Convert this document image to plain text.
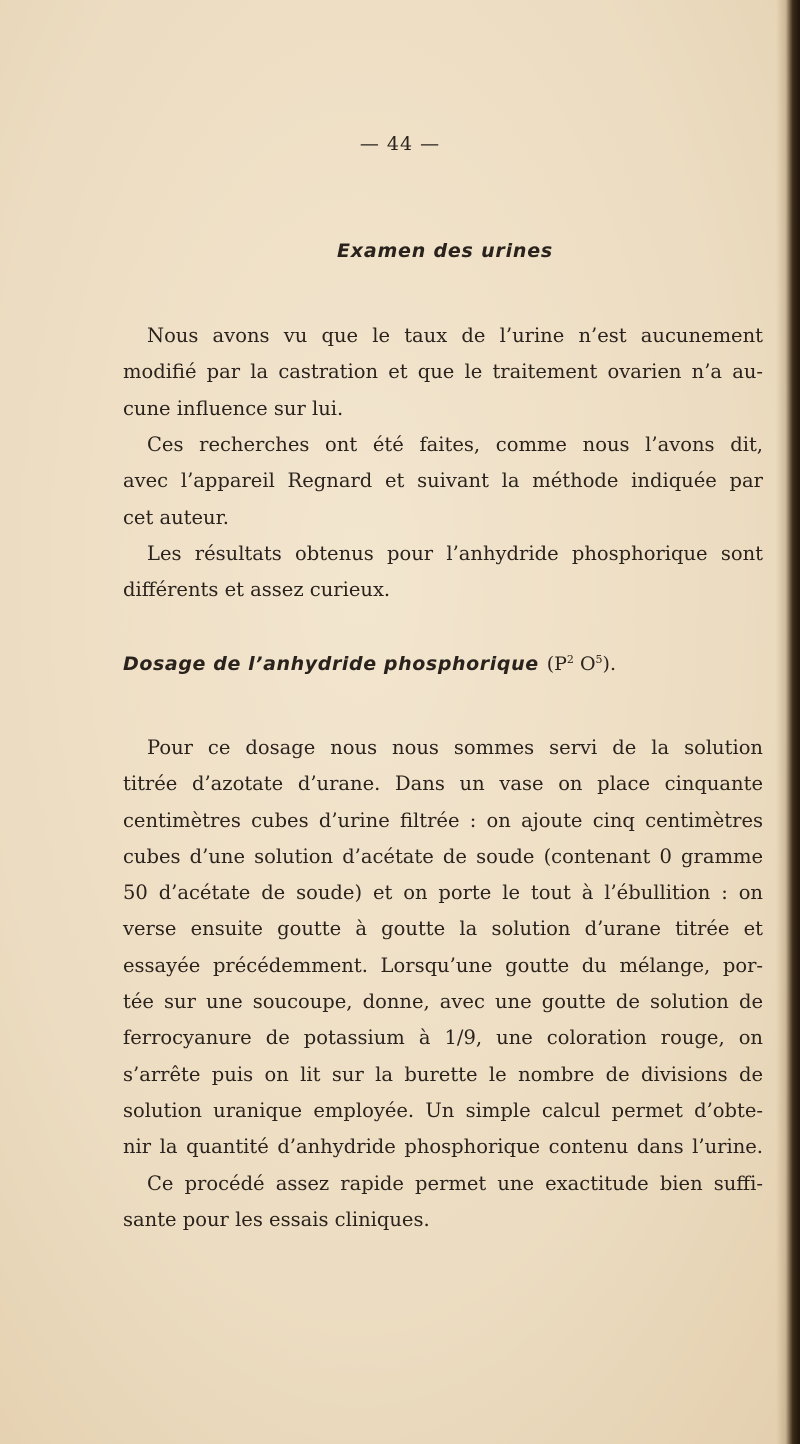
— 44 —
Examen des urines
Nous avons vu que le taux de l’urine n’est aucunement
modifié par la castration et que le traitement ovarien n’a au-
cune influence sur lui.
Ces recherches ont été faites, comme nous l’avons dit,
avec l’appareil Regnard et suivant la méthode indiquée par
cet auteur.
Les résultats obtenus pour l’anhydride phosphorique sont
différents et assez curieux.
Dosage de l’anhydride phosphorique ($P^2$ $O^5$).
Pour ce dosage nous nous sommes servi de la solution
titrée d’azotate d’urane. Dans un vase on place cinquante
centimètres cubes d’urine filtrée : on ajoute cinq centimètres
cubes d’une solution d’acétate de soude (contenant 0 gramme
50 d’acétate de soude) et on porte le tout à l’ébullition : on
verse ensuite goutte à goutte la solution d’urane titrée et
essayée précédemment. Lorsqu’une goutte du mélange, por-
tée sur une soucoupe, donne, avec une goutte de solution de
ferrocyanure de potassium à 1/9, une coloration rouge, on
s’arrête puis on lit sur la burette le nombre de divisions de
solution uranique employée. Un simple calcul permet d’obte-
nir la quantité d’anhydride phosphorique contenu dans l’urine.
Ce procédé assez rapide permet une exactitude bien suffi-
sante pour les essais cliniques.
